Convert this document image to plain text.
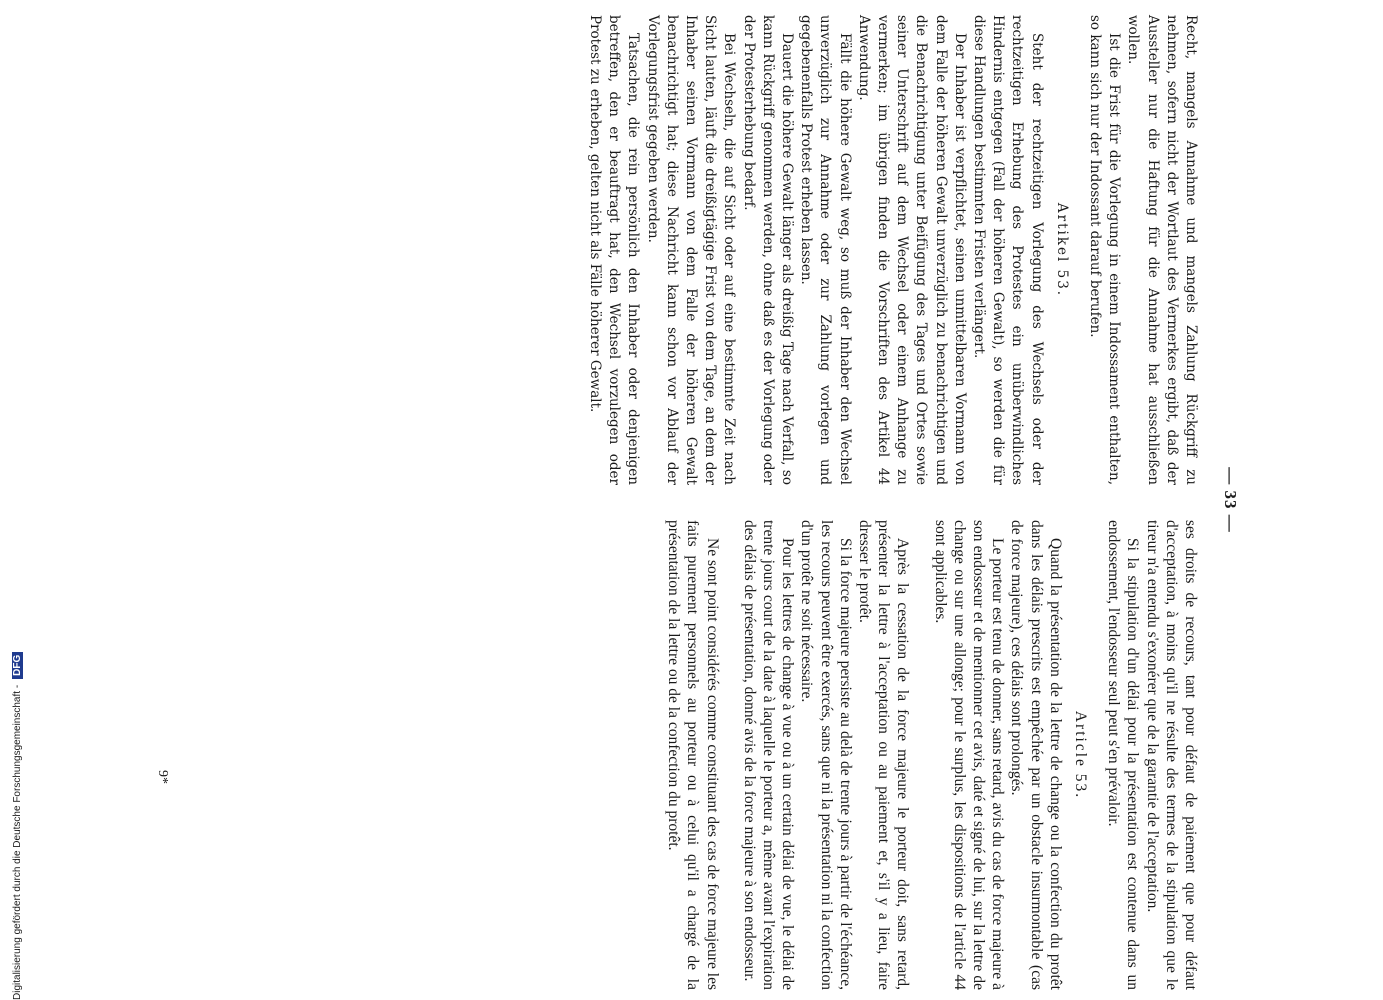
— 33 —

Recht, mangels Annahme und mangels Zahlung Rückgriff zu nehmen, sofern nicht der Wortlaut des Vermerkes ergibt, daß der Aussteller nur die Haftung für die Annahme hat ausschließen wollen.

Ist die Frist für die Vorlegung in einem Indossament enthalten, so kann sich nur der Indossant darauf berufen.

Artikel 53.

Steht der rechtzeitigen Vorlegung des Wechsels oder der rechtzeitigen Erhebung des Protestes ein unüberwindliches Hindernis entgegen (Fall der höheren Gewalt), so werden die für diese Handlungen bestimmten Fristen verlängert.

Der Inhaber ist verpflichtet, seinen unmittelbaren Vormann von dem Falle der höheren Gewalt unverzüglich zu benachrichtigen und die Benachrichtigung unter Beifügung des Tages und Ortes sowie seiner Unterschrift auf dem Wechsel oder einem Anhange zu vermerken; im übrigen finden die Vorschriften des Artikel 44 Anwendung.

Fällt die höhere Gewalt weg, so muß der Inhaber den Wechsel unverzüglich zur Annahme oder zur Zahlung vorlegen und gegebenenfalls Protest erheben lassen.

Dauert die höhere Gewalt länger als dreißig Tage nach Verfall, so kann Rückgriff genommen werden, ohne daß es der Vorlegung oder der Protesterhebung bedarf.

Bei Wechseln, die auf Sicht oder auf eine bestimmte Zeit nach Sicht lauten, läuft die dreißigtägige Frist von dem Tage, an dem der Inhaber seinen Vormann von dem Falle der höheren Gewalt benachrichtigt hat; diese Nachricht kann schon vor Ablauf der Vorlegungsfrist gegeben werden.

Tatsachen, die rein persönlich den Inhaber oder denjenigen betreffen, den er beauftragt hat, den Wechsel vorzulegen oder Protest zu erheben, gelten nicht als Fälle höherer Gewalt.

ses droits de recours, tant pour défaut de paiement que pour défaut d'acceptation, à moins qu'il ne résulte des termes de la stipulation que le tireur n'a entendu s'exonérer que de la garantie de l'acceptation.

Si la stipulation d'un délai pour la présentation est contenue dans un endossement, l'endosseur seul peut s'en prévaloir.

Article 53.

Quand la présentation de la lettre de change ou la confection du protêt dans les délais prescrits est empêchée par un obstacle insurmontable (cas de force majeure), ces délais sont prolongés.

Le porteur est tenu de donner, sans retard, avis du cas de force majeure à son endosseur et de mentionner cet avis, daté et signé de lui, sur la lettre de change ou sur une allonge; pour le surplus, les dispositions de l'article 44 sont applicables.

Après la cessation de la force majeure le porteur doit, sans retard, présenter la lettre à l'acceptation ou au paiement et, s'il y a lieu, faire dresser le protêt.

Si la force majeure persiste au delà de trente jours à partir de l'échéance, les recours peuvent être exercés, sans que ni la présentation ni la confection d'un protêt ne soit nécessaire.

Pour les lettres de change à vue ou à un certain délai de vue, le délai de trente jours court de la date à laquelle le porteur a, même avant l'expiration des délais de présentation, donné avis de la force majeure à son endosseur.

Ne sont point considérés comme constituant des cas de force majeure les faits purement personnels au porteur ou à celui qu'il a chargé de la présentation de la lettre ou de la confection du protêt.

9*
Digitalisierung gefördert durch die Deutsche Forschungsgemeinschaft -
DFG
